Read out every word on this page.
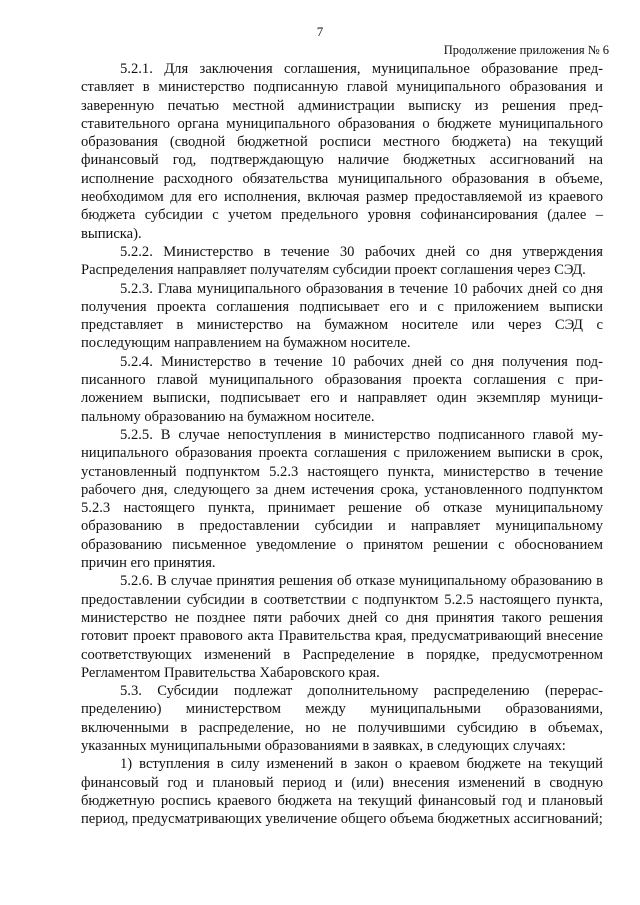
7
Продолжение приложения № 6

5.2.1. Для заключения соглашения, муниципальное образование представляет в министерство подписанную главой муниципального образования и заверенную печатью местной администрации выписку из решения представительного органа муниципального образования о бюджете муниципального образования (сводной бюджетной росписи местного бюджета) на текущий финансовый год, подтверждающую наличие бюджетных ассигнований на исполнение расходного обязательства муниципального образования в объеме, необходимом для его исполнения, включая размер предоставляемой из краевого бюджета субсидии с учетом предельного уровня софинансирования (далее – выписка).

5.2.2. Министерство в течение 30 рабочих дней со дня утверждения Распределения направляет получателям субсидии проект соглашения через СЭД.

5.2.3. Глава муниципального образования в течение 10 рабочих дней со дня получения проекта соглашения подписывает его и с приложением выписки представляет в министерство на бумажном носителе или через СЭД с последующим направлением на бумажном носителе.

5.2.4. Министерство в течение 10 рабочих дней со дня получения подписанного главой муниципального образования проекта соглашения с приложением выписки, подписывает его и направляет один экземпляр муниципальному образованию на бумажном носителе.

5.2.5. В случае непоступления в министерство подписанного главой муниципального образования проекта соглашения с приложением выписки в срок, установленный подпунктом 5.2.3 настоящего пункта, министерство в течение рабочего дня, следующего за днем истечения срока, установленного подпунктом 5.2.3 настоящего пункта, принимает решение об отказе муниципальному образованию в предоставлении субсидии и направляет муниципальному образованию письменное уведомление о принятом решении с обоснованием причин его принятия.

5.2.6. В случае принятия решения об отказе муниципальному образованию в предоставлении субсидии в соответствии с подпунктом 5.2.5 настоящего пункта, министерство не позднее пяти рабочих дней со дня принятия такого решения готовит проект правового акта Правительства края, предусматривающий внесение соответствующих изменений в Распределение в порядке, предусмотренном Регламентом Правительства Хабаровского края.

5.3. Субсидии подлежат дополнительному распределению (перераспределению) министерством между муниципальными образованиями, включенными в распределение, но не получившими субсидию в объемах, указанных муниципальными образованиями в заявках, в следующих случаях:

1) вступления в силу изменений в закон о краевом бюджете на текущий финансовый год и плановый период и (или) внесения изменений в сводную бюджетную роспись краевого бюджета на текущий финансовый год и плановый период, предусматривающих увеличение общего объема бюджетных ассигнований;
